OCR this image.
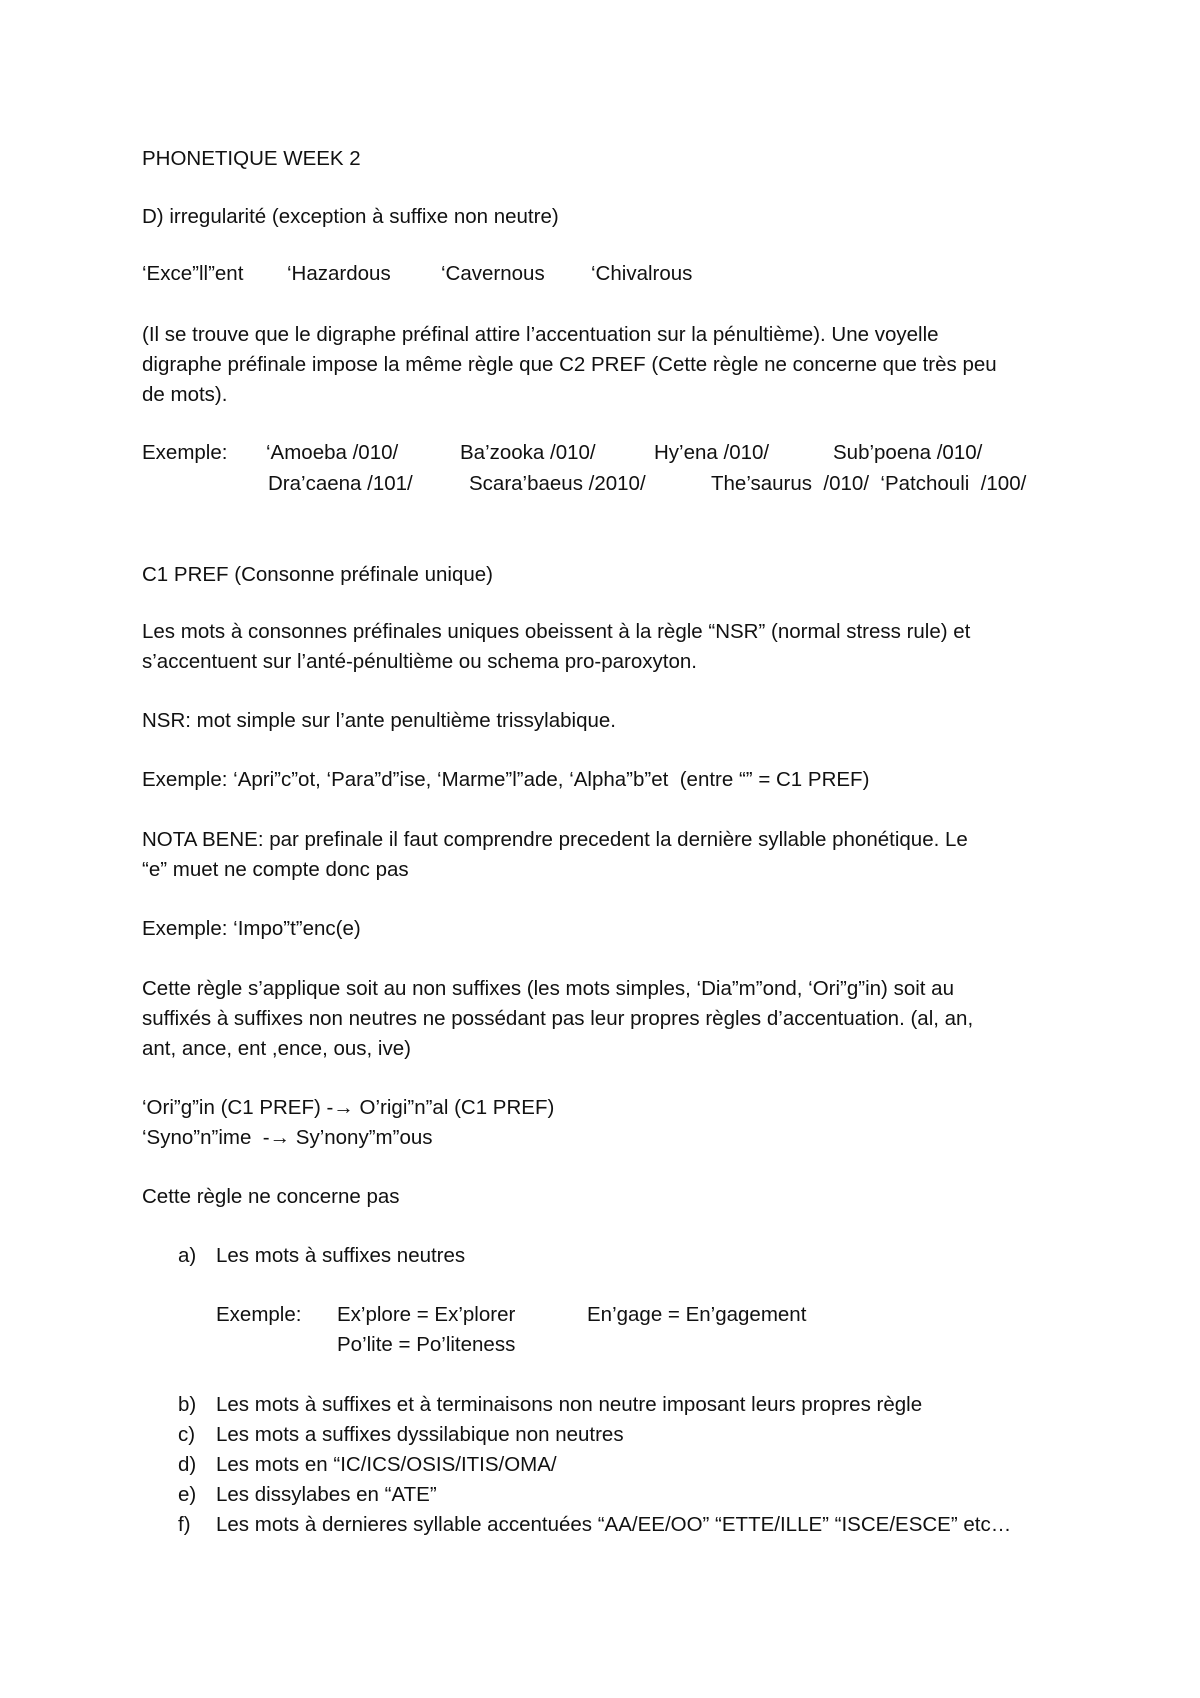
PHONETIQUE WEEK 2
D) irregularité (exception à suffixe non neutre)
‘Exce”ll”ent ‘Hazardous ‘Cavernous ‘Chivalrous
(Il se trouve que le digraphe préfinal attire l’accentuation sur la pénultième). Une voyelle
digraphe préfinale impose la même règle que C2 PREF (Cette règle ne concerne que très peu
de mots).
Exemple: ‘Amoeba /010/	Ba’zooka /010/	Hy’ena /010/	Sub’poena /010/
Dra’caena /101/	Scara’baeus /2010/	The’saurus  /010/  ‘Patchouli  /100/
C1 PREF (Consonne préfinale unique)
Les mots à consonnes préfinales uniques obeissent à la règle “NSR” (normal stress rule) et
s’accentuent sur l’anté-pénultième ou schema pro-paroxyton.
NSR: mot simple sur l’ante penultième trissylabique.
Exemple: ‘Apri”c”ot, ‘Para”d”ise, ‘Marme”l”ade, ‘Alpha”b”et  (entre “” = C1 PREF)
NOTA BENE: par prefinale il faut comprendre precedent la dernière syllable phonétique. Le
“e” muet ne compte donc pas
Exemple: ‘Impo”t”enc(e)
Cette règle s’applique soit au non suffixes (les mots simples, ‘Dia”m”ond, ‘Ori”g”in) soit au
suffixés à suffixes non neutres ne possédant pas leur propres règles d’accentuation. (al, an,
ant, ance, ent ,ence, ous, ive)
‘Ori”g”in (C1 PREF) -→ O’rigi”n”al (C1 PREF)
‘Syno”n”ime  -→ Sy’nony”m”ous
Cette règle ne concerne pas
a) Les mots à suffixes neutres
Exemple: Ex’plore = Ex’plorer	En’gage = En’gagement
Po’lite = Po’liteness
b) Les mots à suffixes et à terminaisons non neutre imposant leurs propres règle
c) Les mots a suffixes dyssilabique non neutres
d) Les mots en “IC/ICS/OSIS/ITIS/OMA/
e) Les dissylabes en “ATE”
f) Les mots à dernieres syllable accentuées “AA/EE/OO” “ETTE/ILLE” “ISCE/ESCE” etc…
